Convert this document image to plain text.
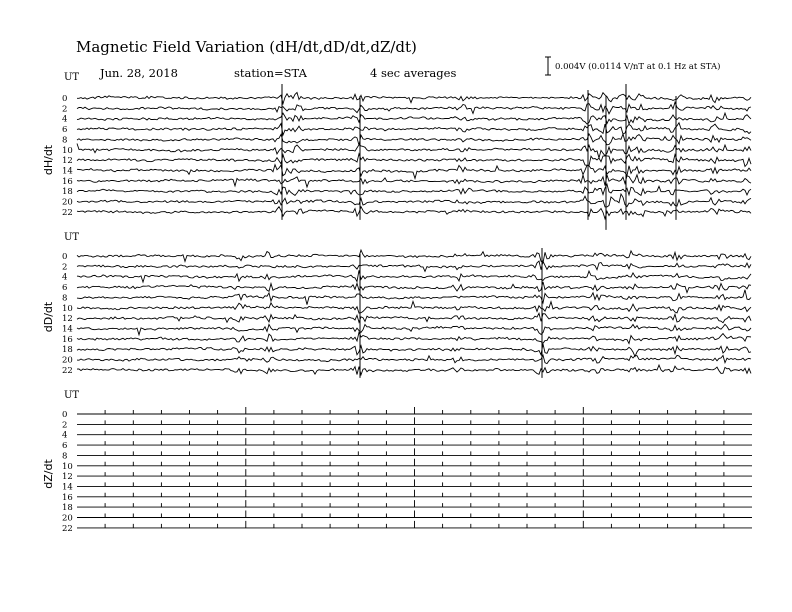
Magnetic Field Variation (dH/dt,dD/dt,dZ/dt)
Jun. 28, 2018	station=STA	4 sec averages	0.004V (0.0114 V/nT at 0.1 Hz at STA)
UT
dH/dt
0
2
4
6
8
10
12
14
16
18
20
22
UT
dD/dt
0
2
4
6
8
10
12
14
16
18
20
22
UT
dZ/dt
0
2
4
6
8
10
12
14
16
18
20
22
